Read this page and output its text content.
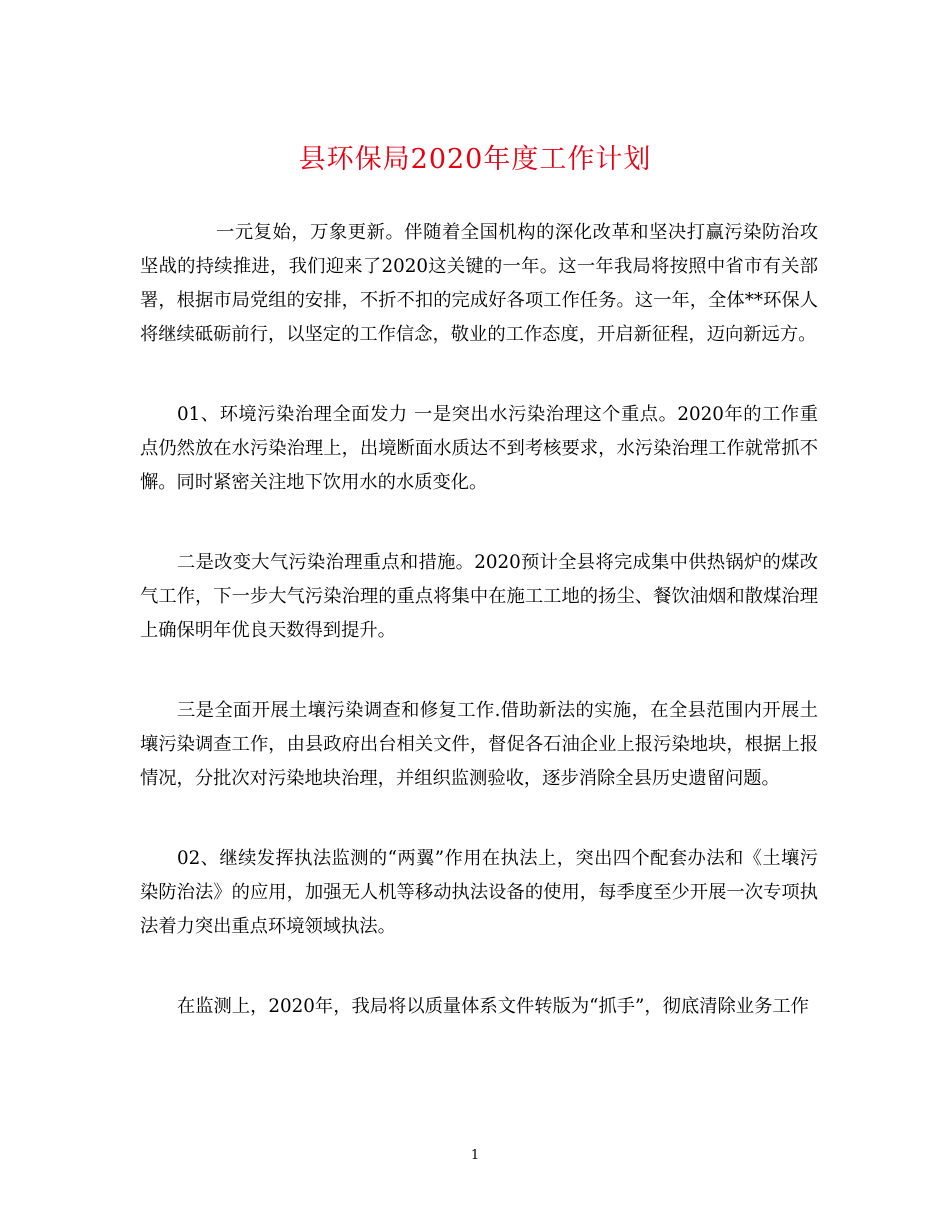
县环保局2020年度工作计划

一元复始，万象更新。伴随着全国机构的深化改革和坚决打赢污染防治攻坚战的持续推进，我们迎来了2020这关键的一年。这一年我局将按照中省市有关部署，根据市局党组的安排，不折不扣的完成好各项工作任务。这一年，全体**环保人将继续砥砺前行，以坚定的工作信念，敬业的工作态度，开启新征程，迈向新远方。

01、环境污染治理全面发力 一是突出水污染治理这个重点。2020年的工作重点仍然放在水污染治理上，出境断面水质达不到考核要求，水污染治理工作就常抓不懈。同时紧密关注地下饮用水的水质变化。

二是改变大气污染治理重点和措施。2020预计全县将完成集中供热锅炉的煤改气工作，下一步大气污染治理的重点将集中在施工工地的扬尘、餐饮油烟和散煤治理上确保明年优良天数得到提升。

三是全面开展土壤污染调查和修复工作.借助新法的实施，在全县范围内开展土壤污染调查工作，由县政府出台相关文件，督促各石油企业上报污染地块，根据上报情况，分批次对污染地块治理，并组织监测验收，逐步消除全县历史遗留问题。

02、继续发挥执法监测的“两翼”作用在执法上，突出四个配套办法和《土壤污染防治法》的应用，加强无人机等移动执法设备的使用，每季度至少开展一次专项执法着力突出重点环境领域执法。

在监测上，2020年，我局将以质量体系文件转版为“抓手”，彻底清除业务工作

1
